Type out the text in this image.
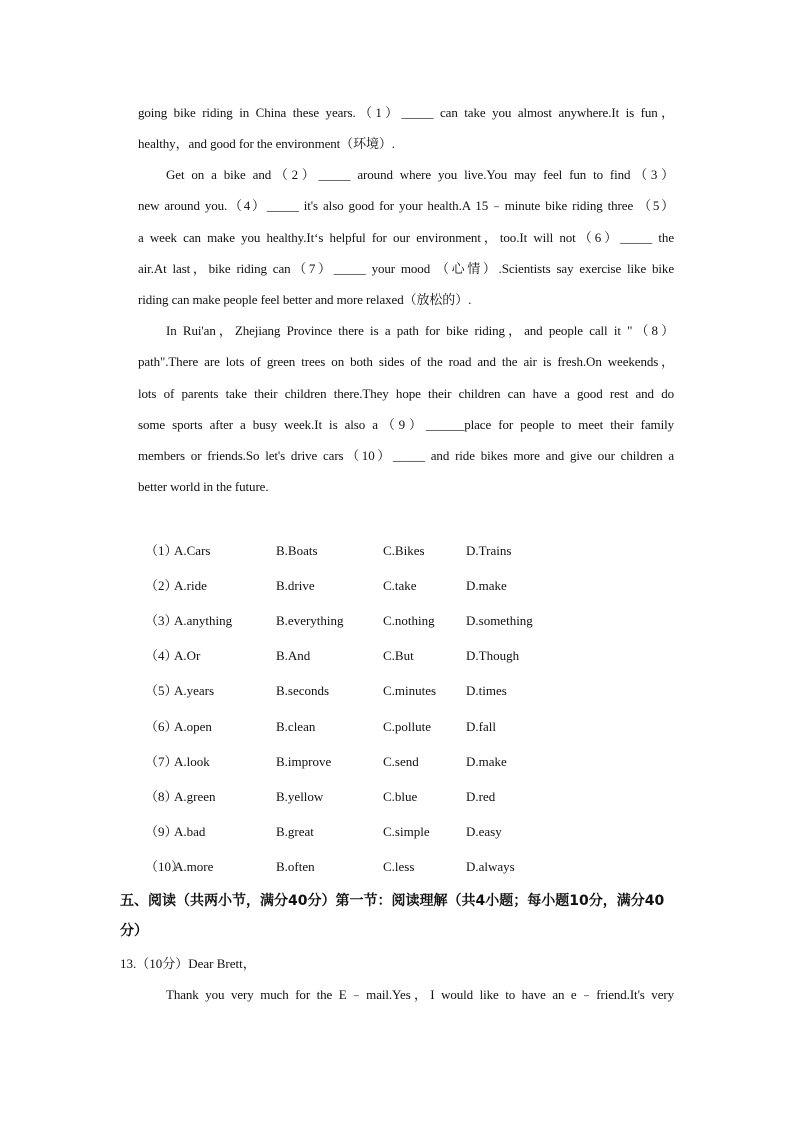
going bike riding in China these years.（1）_____ can take you almost anywhere.It is fun，
healthy，and good for the environment（环境）.
Get on a bike and（2）_____ around where you live.You may feel fun to find（3）
new around you.（4）_____ it's also good for your health.A 15﹣minute bike riding three （5）
a week can make you healthy.It‘s helpful for our environment，too.It will not（6）_____ the
air.At last，bike riding can（7）_____ your mood （心情）.Scientists say exercise like bike
riding can make people feel better and more relaxed（放松的）.
In Rui'an，Zhejiang Province there is a path for bike riding，and people call it "（8）
path".There are lots of green trees on both sides of the road and the air is fresh.On weekends，
lots of parents take their children there.They hope their children can have a good rest and do
some sports after a busy week.It is also a（9）______place for people to meet their family
members or friends.So let's drive cars（10）_____ and ride bikes more and give our children a
better world in the future.
（1）
A.Cars	B.Boats	C.Bikes	D.Trains
（2）
A.ride	B.drive	C.take	D.make
（3）
A.anything	B.everything	C.nothing D.something
（4）
A.Or	B.And	C.But	D.Though
（5）
A.years	B.seconds	C.minutes D.times
（6）
A.open	B.clean	C.pollute	D.fall
（7）
A.look	B.improve	C.send	D.make
（8）
A.green	B.yellow	C.blue	D.red
（9）
A.bad	B.great	C.simple	D.easy
（10）
A.more	B.often	C.less	D.always
五、阅读（共两小节，满分40分）第一节：阅读理解（共4小题；每小题10分，满分40
分）
13.（10分）Dear Brett，
Thank you very much for the E﹣mail.Yes，I would like to have an e﹣friend.It's very
